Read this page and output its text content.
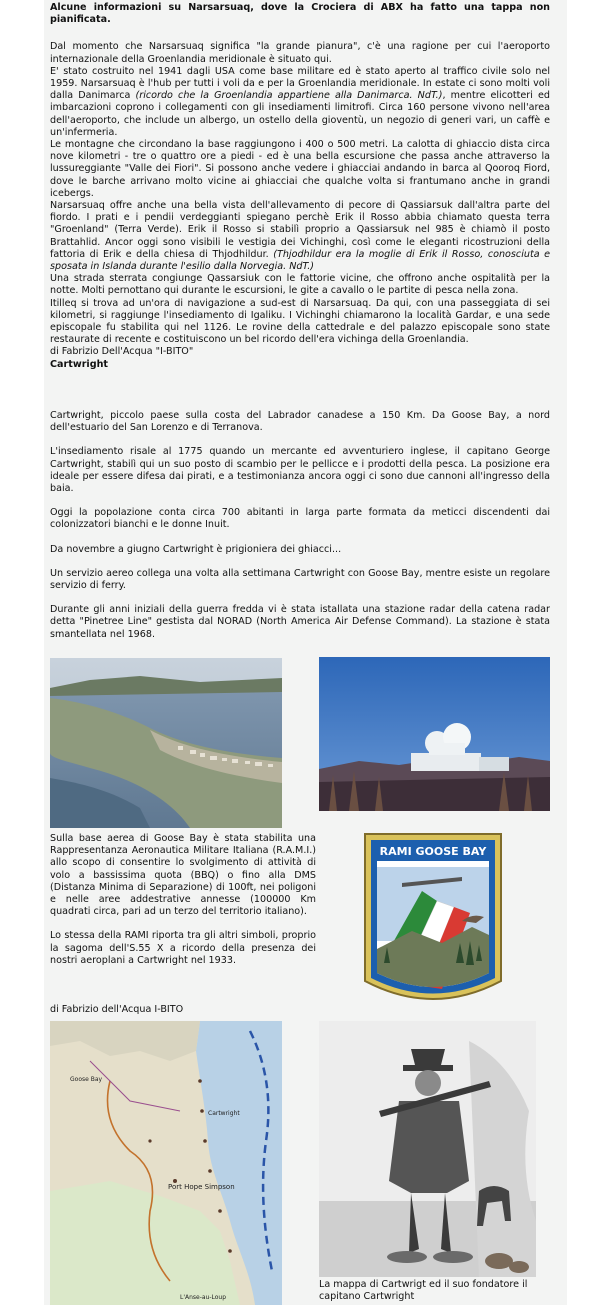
Alcune informazioni su Narsarsuaq, dove la Crociera di ABX ha fatto una tappa non pianificata.

Dal momento che Narsarsuaq significa "la grande pianura", c'è una ragione per cui l'aeroporto internazionale della Groenlandia meridionale è situato qui.

E' stato costruito nel 1941 dagli USA come base militare ed è stato aperto al traffico civile solo nel 1959. Narsarsuaq è l'hub per tutti i voli da e per la Groenlandia meridionale. In estate ci sono molti voli dalla Danimarca (ricordo che la Groenlandia appartiene alla Danimarca. NdT.), mentre elicotteri ed imbarcazioni coprono i collegamenti con gli insediamenti limitrofi. Circa 160 persone vivono nell'area dell'aeroporto, che include un albergo, un ostello della gioventù, un negozio di generi vari, un caffè e un'infermeria.

Le montagne che circondano la base raggiungono i 400 o 500 metri. La calotta di ghiaccio dista circa nove kilometri - tre o quattro ore a piedi - ed è una bella escursione che passa anche attraverso la lussureggiante "Valle dei Fiori". Si possono anche vedere i ghiacciai andando in barca al Qooroq Fiord, dove le barche arrivano molto vicine ai ghiacciai che qualche volta si frantumano anche in grandi icebergs.

Narsarsuaq offre anche una bella vista dell'allevamento di pecore di Qassiarsuk dall'altra parte del fiordo. I prati e i pendii verdeggianti spiegano perchè Erik il Rosso abbia chiamato questa terra "Groenland" (Terra Verde). Erik il Rosso si stabilì proprio a Qassiarsuk nel 985 è chiamò il posto Brattahlid. Ancor oggi sono visibili le vestigia dei Vichinghi, così come le eleganti ricostruzioni della fattoria di Erik e della chiesa di Thjodhildur. (Thjodhildur era la moglie di Erik il Rosso, conosciuta e sposata in Islanda durante l'esilio dalla Norvegia. NdT.)

Una strada sterrata congiunge Qassarsiuk con le fattorie vicine, che offrono anche ospitalità per la notte. Molti pernottano qui durante le escursioni, le gite a cavallo o le partite di pesca nella zona.

Itilleq si trova ad un'ora di navigazione a sud-est di Narsarsuaq. Da qui, con una passeggiata di sei kilometri, si raggiunge l'insediamento di Igaliku. I Vichinghi chiamarono la località Gardar, e una sede episcopale fu stabilita qui nel 1126. Le rovine della cattedrale e del palazzo episcopale sono state restaurate di recente e costituiscono un bel ricordo dell'era vichinga della Groenlandia.

di Fabrizio Dell'Acqua "I-BITO"

Cartwright

Cartwright, piccolo paese sulla costa del Labrador canadese a 150 Km. Da Goose Bay, a nord dell'estuario del San Lorenzo e di Terranova.

L'insediamento risale al 1775 quando un mercante ed avventuriero inglese, il capitano George Cartwright, stabilì qui un suo posto di scambio per le pellicce e i prodotti della pesca. La posizione era ideale per essere difesa dai pirati, e a testimonianza ancora oggi ci sono due cannoni all'ingresso della baia.

Oggi la popolazione conta circa 700 abitanti in larga parte formata da meticci discendenti dai colonizzatori bianchi e le donne Inuit.

Da novembre a giugno Cartwright è prigioniera dei ghiacci...

Un servizio aereo collega una volta alla settimana Cartwright con Goose Bay, mentre esiste un regolare servizio di ferry.

Durante gli anni iniziali della guerra fredda vi è stata istallata una stazione radar della catena radar detta "Pinetree Line" gestista dal NORAD (North America Air Defense Command). La stazione è stata smantellata nel 1968.

Sulla base aerea di Goose Bay è stata stabilita una Rappresentanza Aeronautica Militare Italiana (R.A.M.I.) allo scopo di consentire lo svolgimento di attività di volo a bassissima quota (BBQ) o fino alla DMS (Distanza Minima di Separazione) di 100ft, nei poligoni e nelle aree addestrative annesse (100000 Km quadrati circa, pari ad un terzo del territorio italiano).
Lo stessa della RAMI riporta tra gli altri simboli, proprio la sagoma dell'S.55 X a ricordo della presenza dei nostri aeroplani a Cartwright nel 1933.
RAMI GOOSE BAY
di Fabrizio dell'Acqua I-BITO
Port Hope Simpson
Cartwright
Goose Bay
L'Anse-au-Loup
La mappa di Cartwrigt ed il suo fondatore il capitano Cartwright
